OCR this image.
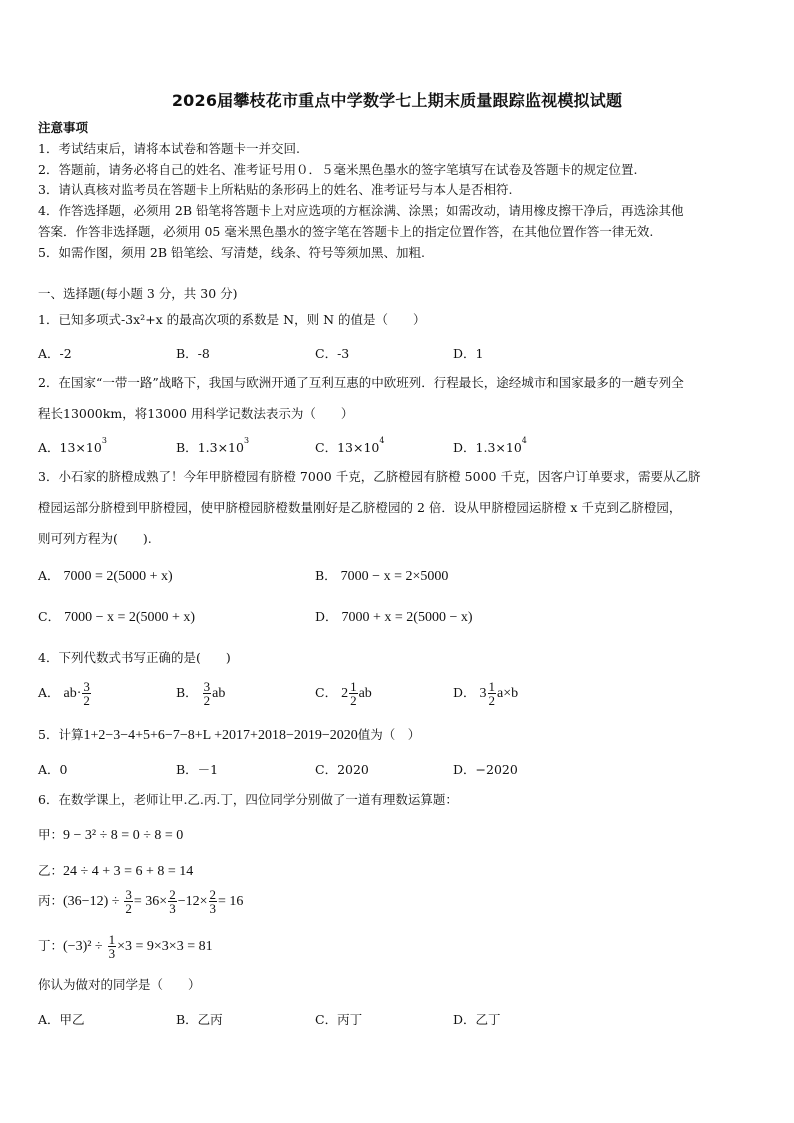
2026届攀枝花市重点中学数学七上期末质量跟踪监视模拟试题
注意事项
1．考试结束后，请将本试卷和答题卡一并交回.
2．答题前，请务必将自己的姓名、准考证号用０．５毫米黑色墨水的签字笔填写在试卷及答题卡的规定位置.
3．请认真核对监考员在答题卡上所粘贴的条形码上的姓名、准考证号与本人是否相符.
4．作答选择题，必须用 2B 铅笔将答题卡上对应选项的方框涂满、涂黑；如需改动，请用橡皮擦干净后，再选涂其他
答案．作答非选择题，必须用 05 毫米黑色墨水的签字笔在答题卡上的指定位置作答，在其他位置作答一律无效.
5．如需作图，须用 2B 铅笔绘、写清楚，线条、符号等须加黑、加粗.
一、选择题(每小题 3 分，共 30 分)
1．已知多项式-3x²+x 的最高次项的系数是 N，则 N 的值是（　　）
A．-2	B．-8	C．-3	D．1
2．在国家“一带一路”战略下，我国与欧洲开通了互利互惠的中欧班列．行程最长，途经城市和国家最多的一趟专列全
程长13000km，将13000 用科学记数法表示为（　　）
A．$13\times 10^3$	B．$1.3\times 10^3$	C．$13\times 10^4$	D．$1.3\times 10^4$
3．小石家的脐橙成熟了！今年甲脐橙园有脐橙 7000 千克，乙脐橙园有脐橙 5000 千克，因客户订单要求，需要从乙脐
橙园运部分脐橙到甲脐橙园，使甲脐橙园脐橙数量刚好是乙脐橙园的 2 倍．设从甲脐橙园运脐橙 x 千克到乙脐橙园，
则可列方程为(　　).
A． 7000 = 2(5000 + x)	B． 7000 − x = 2×5000
C． 7000 − x = 2(5000 + x)	D． 7000 + x = 2(5000 − x)
4．下列代数式书写正确的是(　　)
A． $ab\cdot \frac{3}{2}$	B． $\frac{3}{2}$ ab	C． $2 \frac{1}{2}$ ab	D． $3 \frac{1}{2} a\times b$
5．计算1+2−3−4+5+6−7−8+L +2017+2018−2019−2020值为（　）
A．0	B．－1	C．2020	D．−2020
6．在数学课上，老师让甲.乙.丙.丁，四位同学分别做了一道有理数运算题：
甲：9 − 3² ÷ 8 = 0 ÷ 8 = 0
乙：24 ÷ 4 + 3 = 6 + 8 = 14
丙：$(36-12) \div \frac{3}{2} = 36\times \frac{2}{3} -12\times \frac{2}{3} = 16$
丁：$(-3)^2 \div \frac{1}{3} \times 3 = 9\times 3\times 3 = 81$
你认为做对的同学是（　　）
A．甲乙	B．乙丙	C．丙丁	D．乙丁
